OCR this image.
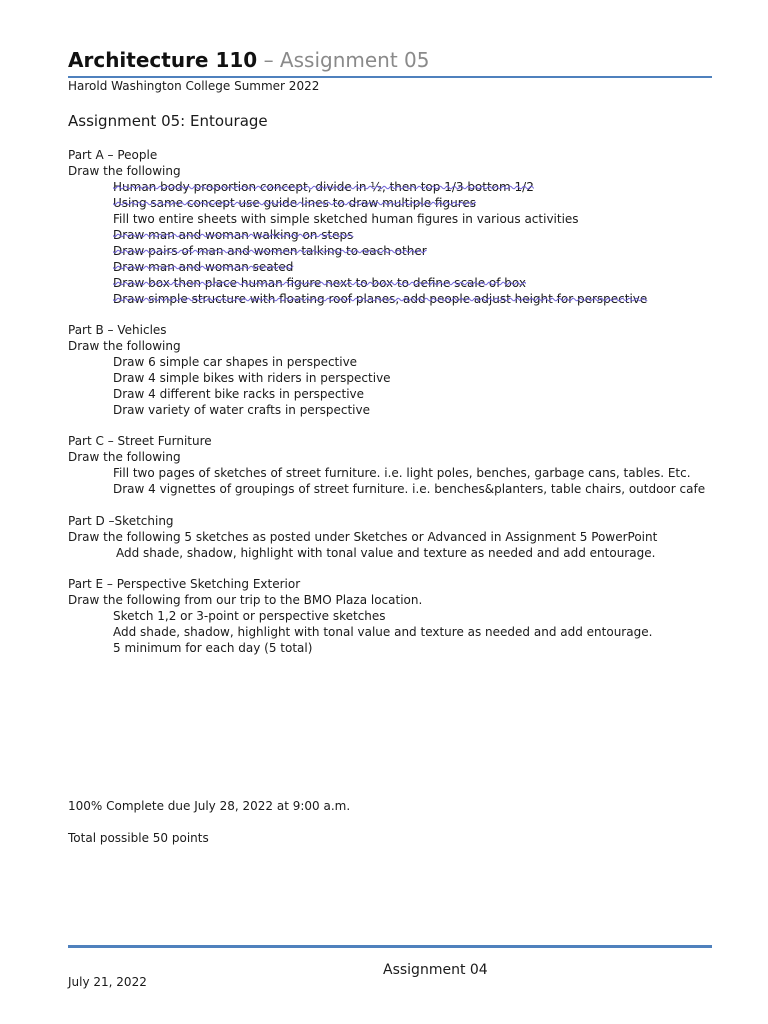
Architecture 110 – Assignment 05
Harold Washington College Summer 2022
Assignment 05: Entourage
Part A – People
Draw the following
Human body proportion concept, divide in ½, then top 1/3 bottom 1/2
Using same concept use guide lines to draw multiple figures
Fill two entire sheets with simple sketched human figures in various activities
Draw man and woman walking on steps
Draw pairs of man and women talking to each other
Draw man and woman seated
Draw box then place human figure next to box to define scale of box
Draw simple structure with floating roof planes, add people adjust height for perspective
Part B – Vehicles
Draw the following
Draw 6 simple car shapes in perspective
Draw 4 simple bikes with riders in perspective
Draw 4 different bike racks in perspective
Draw variety of water crafts in perspective
Part C – Street Furniture
Draw the following
Fill two pages of sketches of street furniture. i.e. light poles, benches, garbage cans, tables. Etc.
Draw 4 vignettes of groupings of street furniture. i.e. benches&planters, table chairs, outdoor cafe
Part D –Sketching
Draw the following 5 sketches as posted under Sketches or Advanced in Assignment 5 PowerPoint
Add shade, shadow, highlight with tonal value and texture as needed and add entourage.
Part E – Perspective Sketching Exterior
Draw the following from our trip to the BMO Plaza location.
Sketch 1,2 or 3-point or perspective sketches
Add shade, shadow, highlight with tonal value and texture as needed and add entourage.
5 minimum for each day (5 total)
100% Complete due July 28, 2022 at 9:00 a.m.
Total possible 50 points
Assignment 04
July 21, 2022
